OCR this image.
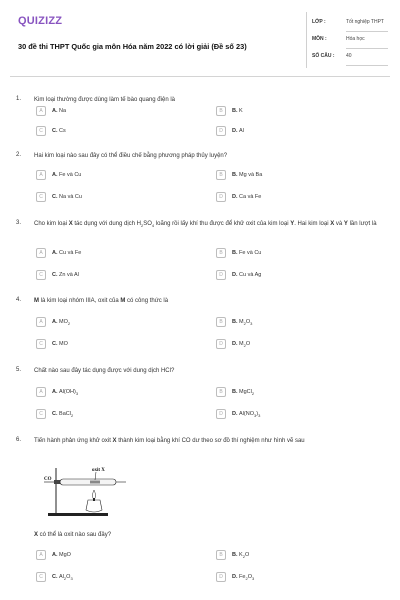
QUIZIZZ
30 đề thi THPT Quốc gia môn Hóa năm 2022 có lời giải (Đề số 23)
LỚP :	Tốt nghiệp THPT
MÔN :	Hóa học
SỐ CÂU : 40
1. Kim loại thường được dùng làm tế bào quang điện là
A	A. Na	B	B. K
C	C. Cs	D	D. Al
2. Hai kim loại nào sau đây có thể điều chế bằng phương pháp thủy luyện?
A	A. Fe và Cu	B	B. Mg và Ba
C	C. Na và Cu	D	D. Ca và Fe
3. Cho kim loại X tác dụng với dung dịch $H_2SO_4$ loãng rồi lấy khí thu được để khử oxit của kim loại Y. Hai kim loại X và Y lần lượt là
A	A. Cu và Fe	B	B. Fe và Cu
C	C. Zn và Al	D	D. Cu và Ag
4. M là kim loại nhóm IIIA, oxit của M có công thức là
A	A. $MO_2$	B	B. $M_2O_3$
C	C. MO	D	D. $M_2O$
5. Chất nào sau đây tác dụng được với dung dịch HCl?
A	A. $Al(OH)_3$	B	B. MgCl$_2$
C	C. BaCl$_2$	D	D. $Al(NO_3)_3$
6. Tiến hành phản ứng khử oxit X thành kim loại bằng khí CO dư theo sơ đồ thí nghiệm như hình vẽ sau
A	A. MgO	B	B. $K_2O$
C	C. $Al_2O_3$	D	D. $Fe_2O_3$
CO
oxit X
X có thể là oxit nào sau đây?
